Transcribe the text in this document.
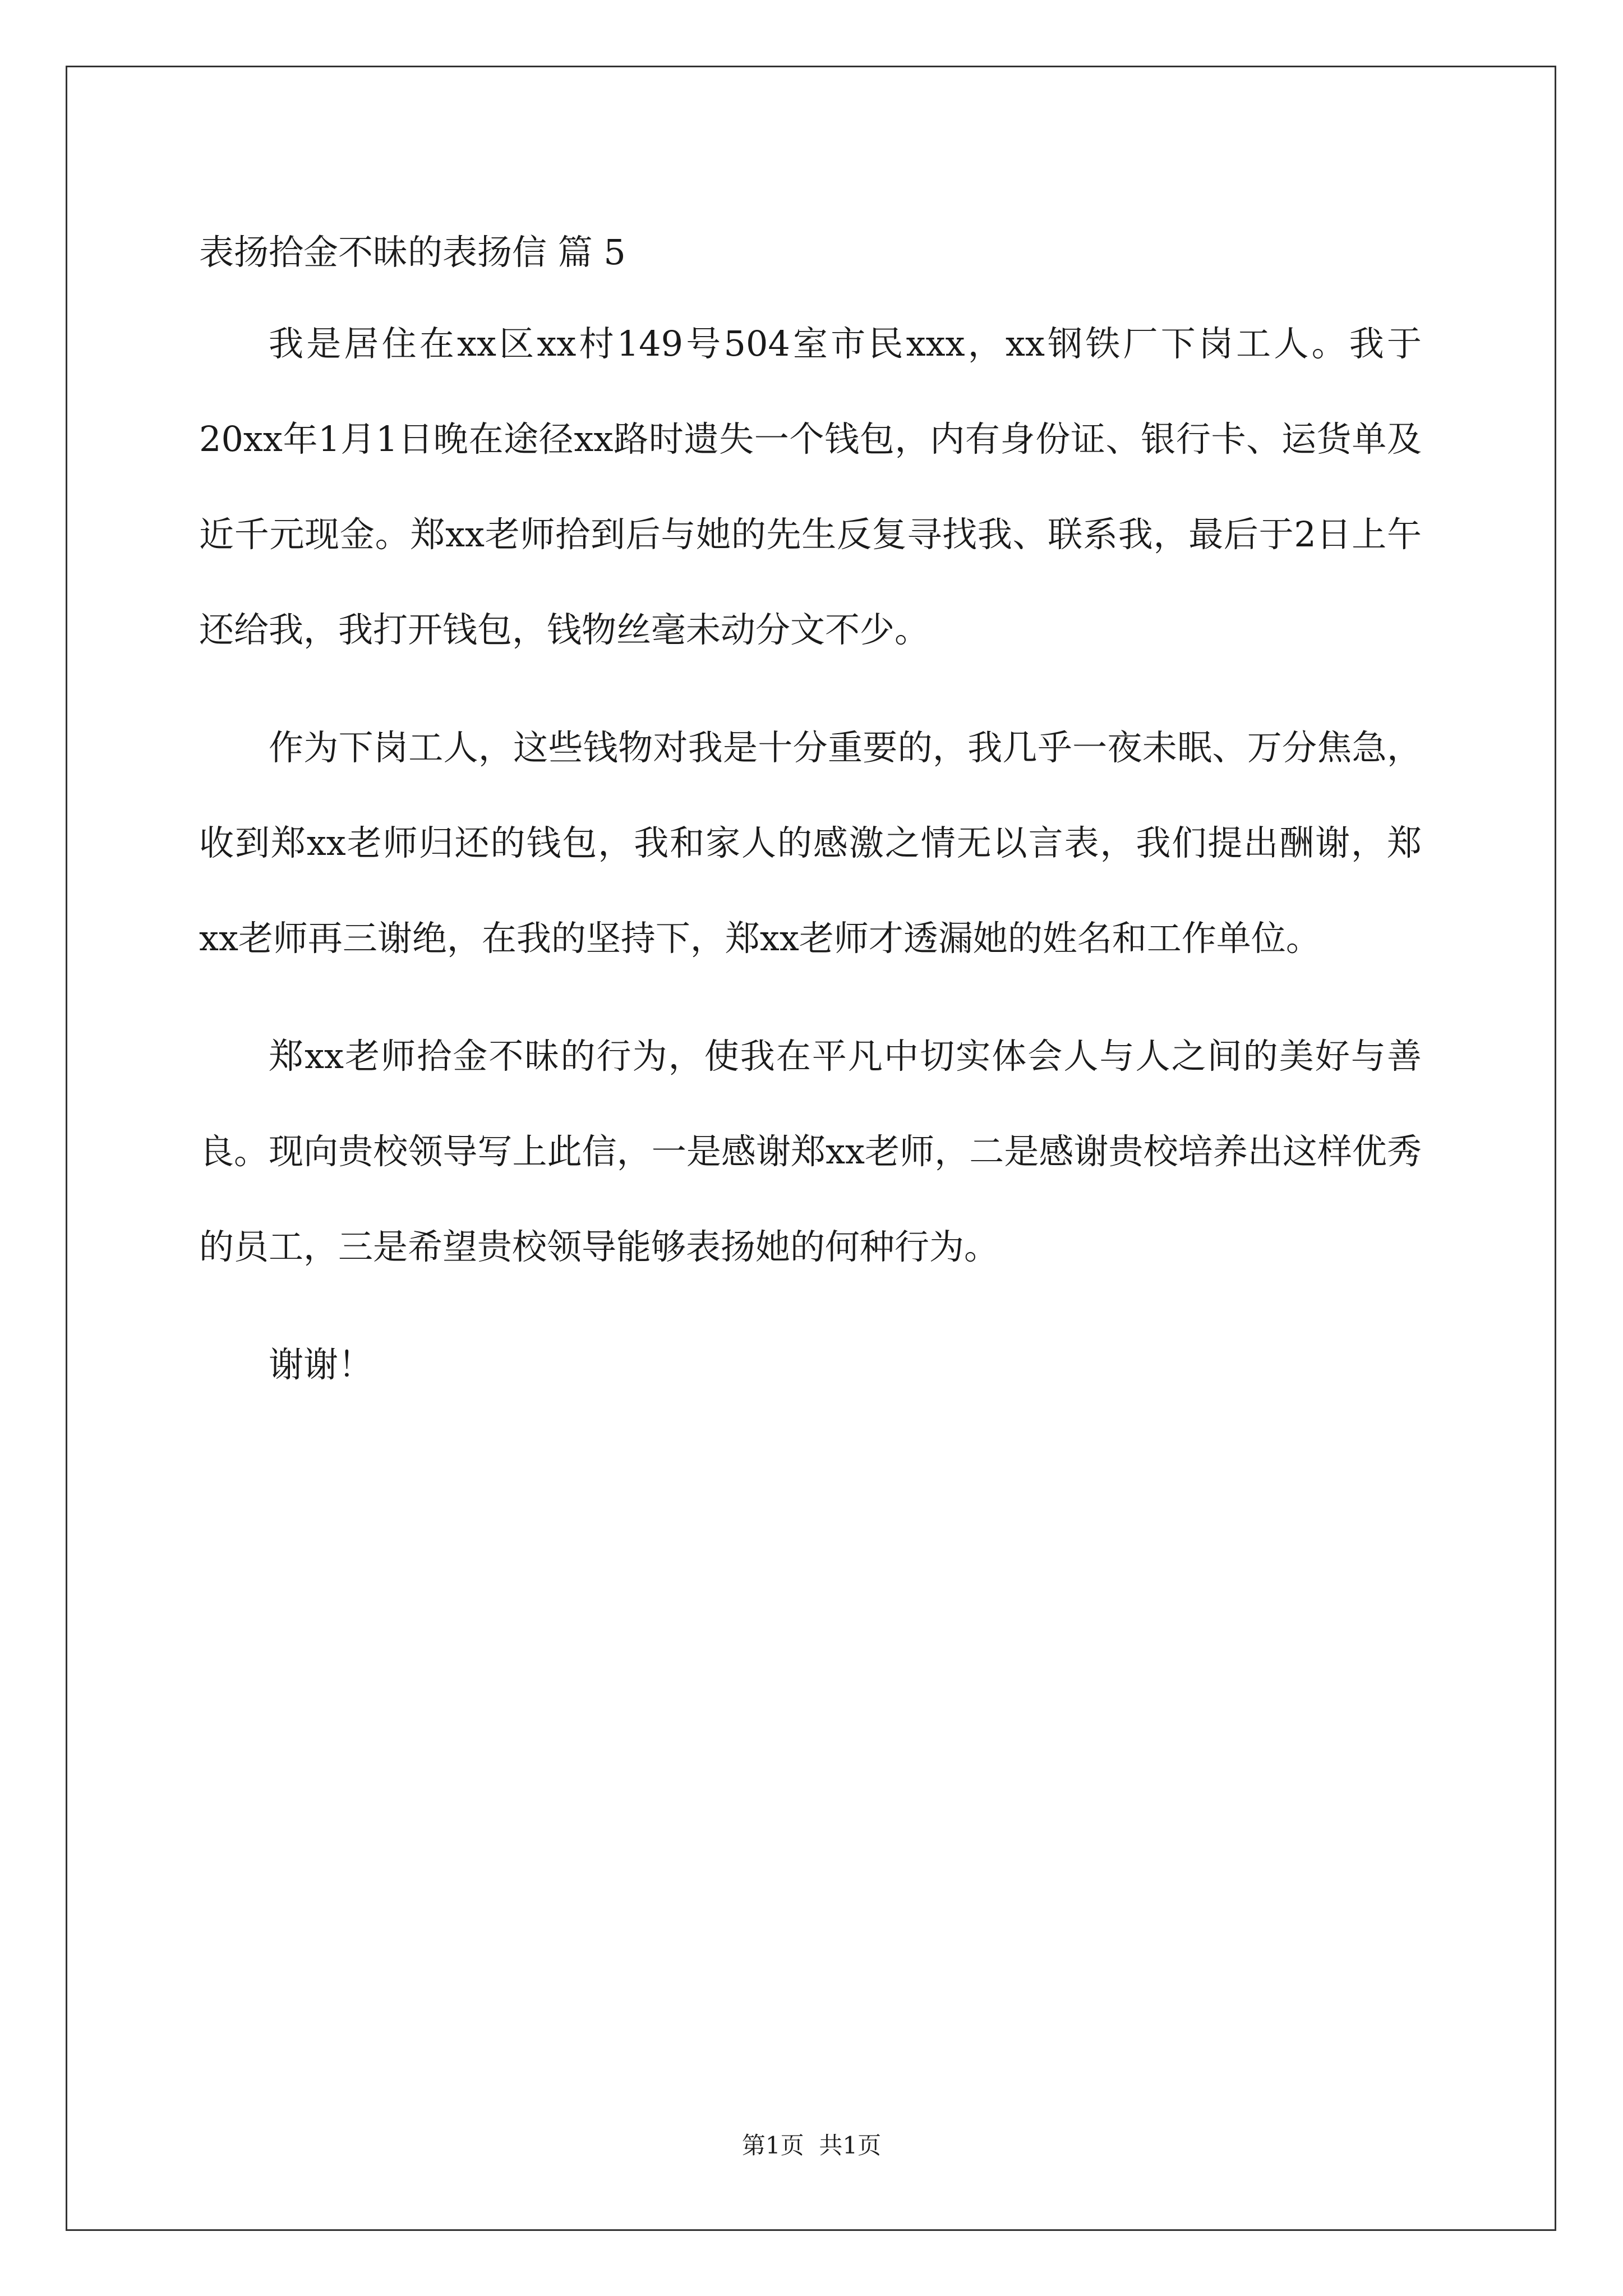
表扬拾金不昧的表扬信 篇 5

我是居住在xx区xx村149号504室市民xxx，xx钢铁厂下岗工人。我于20xx年1月1日晚在途径xx路时遗失一个钱包，内有身份证、银行卡、运货单及近千元现金。郑xx老师拾到后与她的先生反复寻找我、联系我，最后于2日上午还给我，我打开钱包，钱物丝毫未动分文不少。

作为下岗工人，这些钱物对我是十分重要的，我几乎一夜未眠、万分焦急，收到郑xx老师归还的钱包，我和家人的感激之情无以言表，我们提出酬谢，郑xx老师再三谢绝，在我的坚持下，郑xx老师才透漏她的姓名和工作单位。

郑xx老师拾金不昧的行为，使我在平凡中切实体会人与人之间的美好与善良。现向贵校领导写上此信，一是感谢郑xx老师，二是感谢贵校培养出这样优秀的员工，三是希望贵校领导能够表扬她的何种行为。

谢谢！

第1页  共1页
